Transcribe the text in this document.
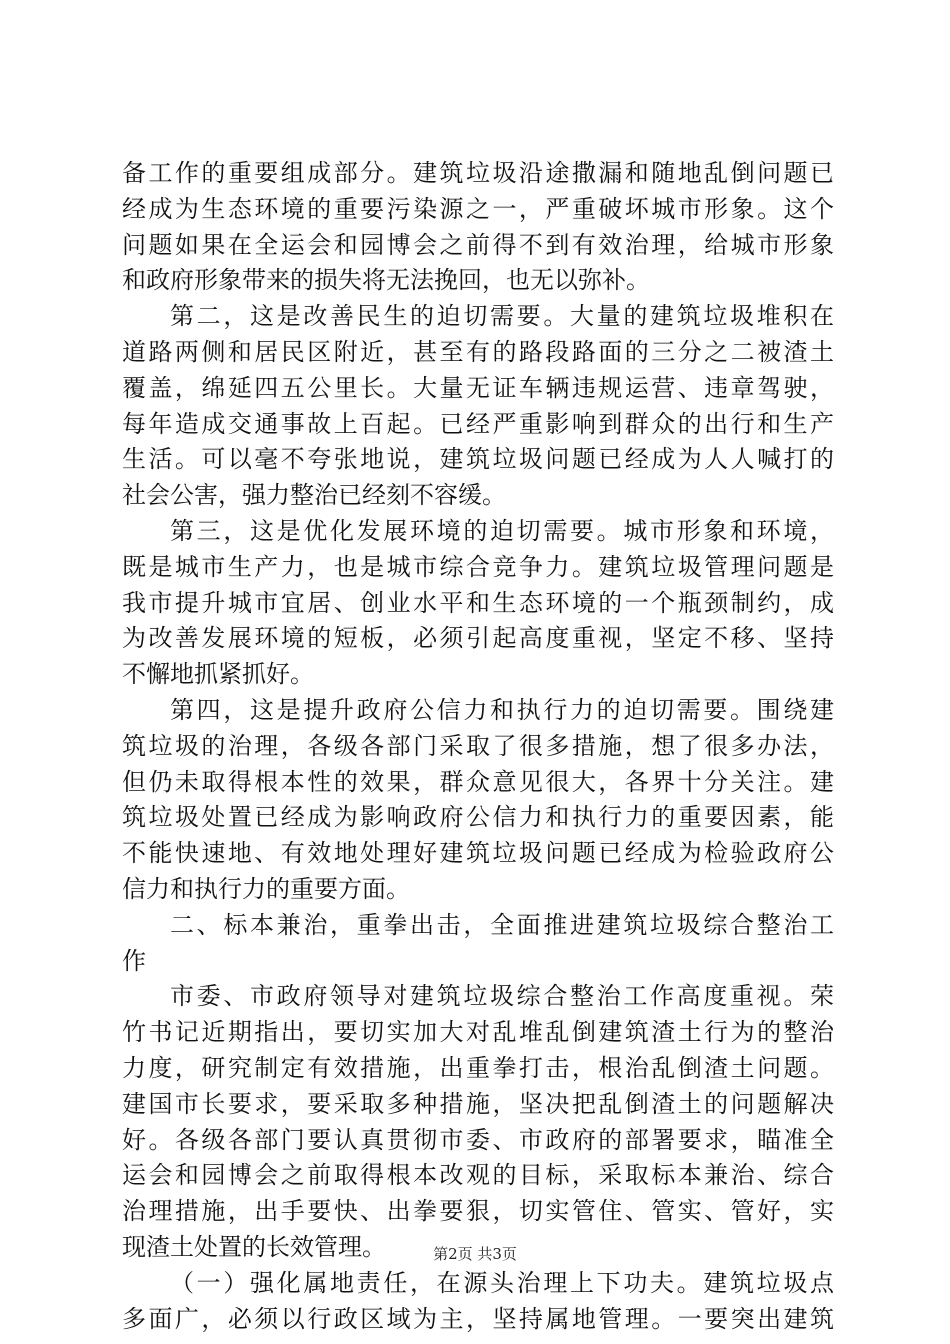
备工作的重要组成部分。建筑垃圾沿途撒漏和随地乱倒问题已
经成为生态环境的重要污染源之一，严重破坏城市形象。这个
问题如果在全运会和园博会之前得不到有效治理，给城市形象
和政府形象带来的损失将无法挽回，也无以弥补。
第二，这是改善民生的迫切需要。大量的建筑垃圾堆积在
道路两侧和居民区附近，甚至有的路段路面的三分之二被渣土
覆盖，绵延四五公里长。大量无证车辆违规运营、违章驾驶，
每年造成交通事故上百起。已经严重影响到群众的出行和生产
生活。可以毫不夸张地说，建筑垃圾问题已经成为人人喊打的
社会公害，强力整治已经刻不容缓。
第三，这是优化发展环境的迫切需要。城市形象和环境，
既是城市生产力，也是城市综合竞争力。建筑垃圾管理问题是
我市提升城市宜居、创业水平和生态环境的一个瓶颈制约，成
为改善发展环境的短板，必须引起高度重视，坚定不移、坚持
不懈地抓紧抓好。
第四，这是提升政府公信力和执行力的迫切需要。围绕建
筑垃圾的治理，各级各部门采取了很多措施，想了很多办法，
但仍未取得根本性的效果，群众意见很大，各界十分关注。建
筑垃圾处置已经成为影响政府公信力和执行力的重要因素，能
不能快速地、有效地处理好建筑垃圾问题已经成为检验政府公
信力和执行力的重要方面。
二、标本兼治，重拳出击，全面推进建筑垃圾综合整治工
作
市委、市政府领导对建筑垃圾综合整治工作高度重视。荣
竹书记近期指出，要切实加大对乱堆乱倒建筑渣土行为的整治
力度，研究制定有效措施，出重拳打击，根治乱倒渣土问题。
建国市长要求，要采取多种措施，坚决把乱倒渣土的问题解决
好。各级各部门要认真贯彻市委、市政府的部署要求，瞄准全
运会和园博会之前取得根本改观的目标，采取标本兼治、综合
治理措施，出手要快、出拳要狠，切实管住、管实、管好，实
现渣土处置的长效管理。
（一）强化属地责任，在源头治理上下功夫。建筑垃圾点
多面广，必须以行政区域为主，坚持属地管理。一要突出建筑
第2页 共3页
